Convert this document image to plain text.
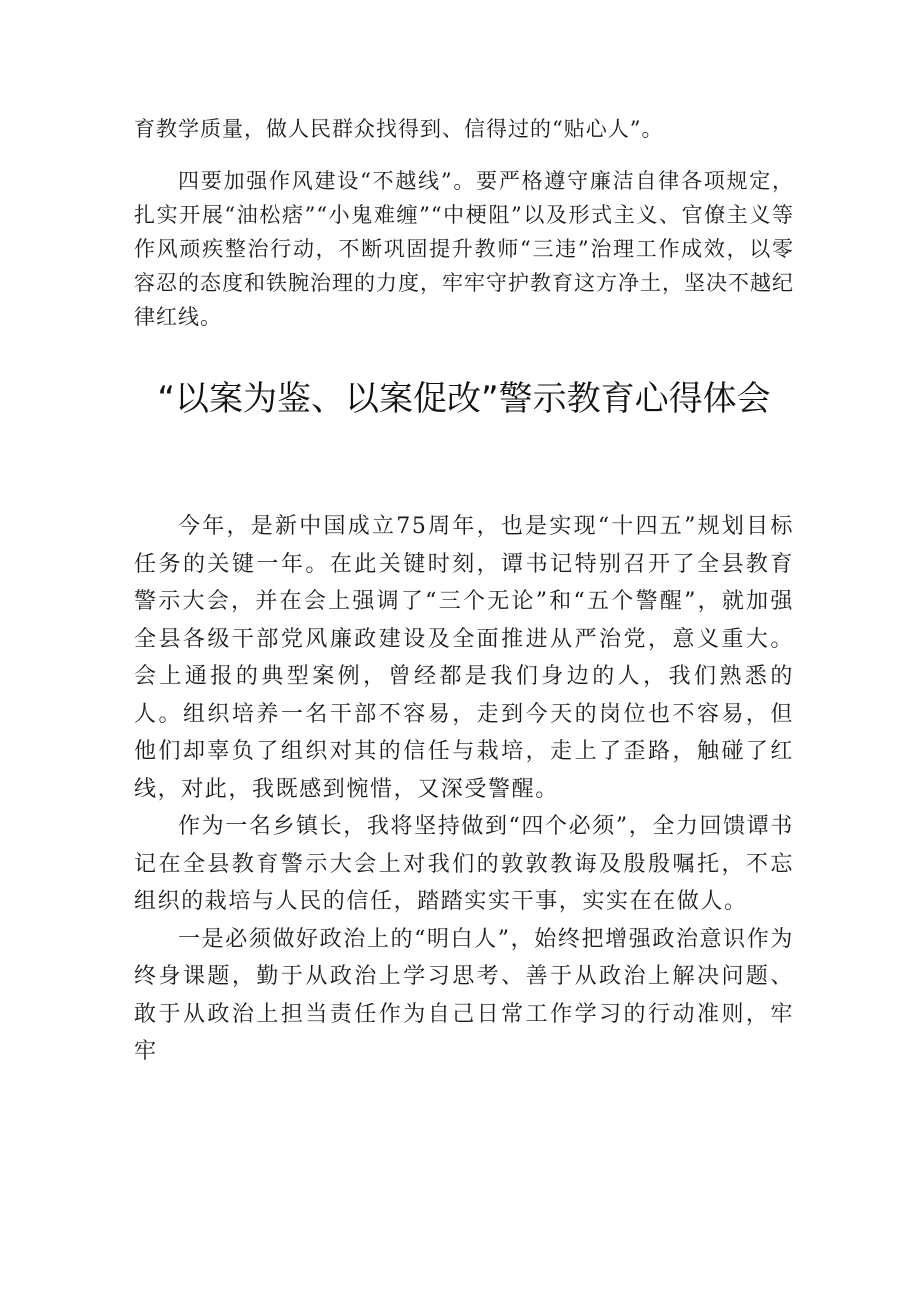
育教学质量，做人民群众找得到、信得过的“贴心人”。

四要加强作风建设“不越线”。要严格遵守廉洁自律各项规定，扎实开展“油松痞”“小鬼难缠”“中梗阻”以及形式主义、官僚主义等作风顽疾整治行动，不断巩固提升教师“三违”治理工作成效，以零容忍的态度和铁腕治理的力度，牢牢守护教育这方净土，坚决不越纪律红线。

“以案为鉴、以案促改”警示教育心得体会

今年，是新中国成立75周年，也是实现“十四五”规划目标任务的关键一年。在此关键时刻，谭书记特别召开了全县教育警示大会，并在会上强调了“三个无论”和“五个警醒”，就加强全县各级干部党风廉政建设及全面推进从严治党，意义重大。会上通报的典型案例，曾经都是我们身边的人，我们熟悉的人。组织培养一名干部不容易，走到今天的岗位也不容易，但他们却辜负了组织对其的信任与栽培，走上了歪路，触碰了红线，对此，我既感到惋惜，又深受警醒。

作为一名乡镇长，我将坚持做到“四个必须”，全力回馈谭书记在全县教育警示大会上对我们的敦敦教诲及殷殷嘱托，不忘组织的栽培与人民的信任，踏踏实实干事，实实在在做人。

一是必须做好政治上的“明白人”，始终把增强政治意识作为终身课题，勤于从政治上学习思考、善于从政治上解决问题、敢于从政治上担当责任作为自己日常工作学习的行动准则，牢牢
